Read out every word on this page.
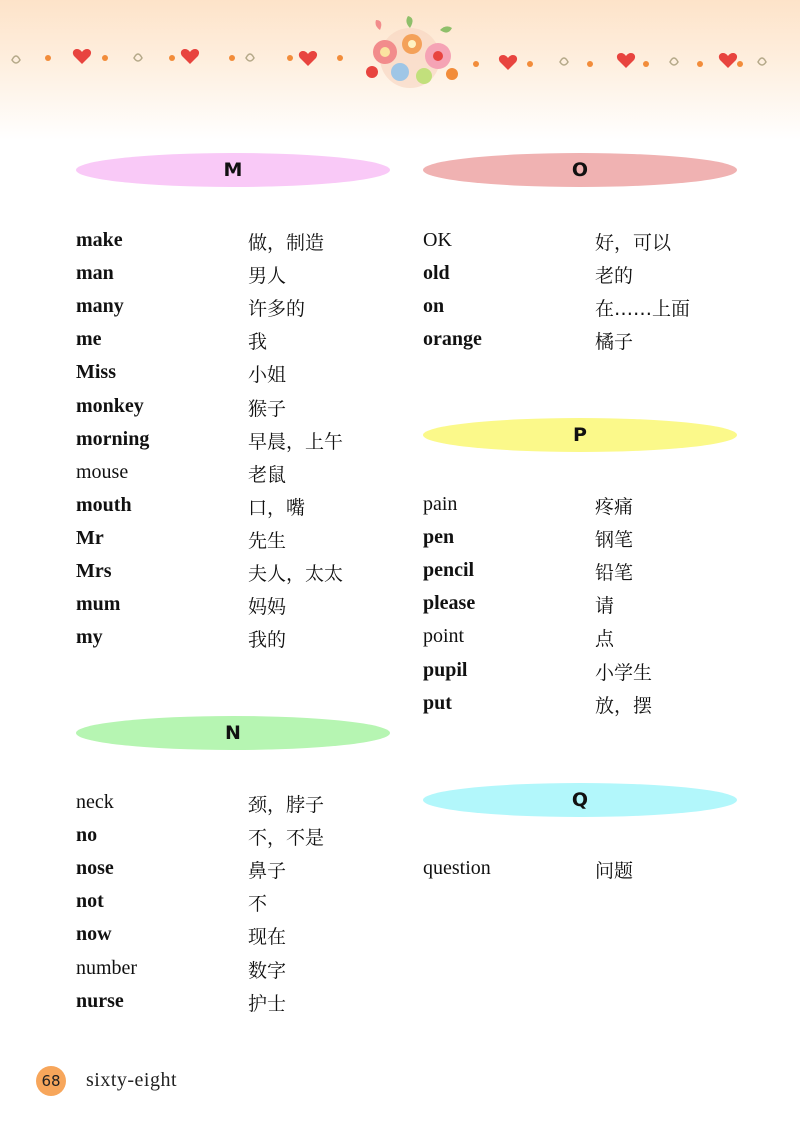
M
make	做，制造
man	男人
many	许多的
me	我
Miss	小姐
monkey	猴子
morning	早晨，上午
mouse	老鼠
mouth	口，嘴
Mr	先生
Mrs	夫人，太太
mum	妈妈
my	我的
N
neck	颈，脖子
no	不，不是
nose	鼻子
not	不
now	现在
number	数字
nurse	护士
O
OK	好，可以
old	老的
on	在……上面
orange	橘子
P
pain	疼痛
pen	钢笔
pencil	铅笔
please	请
point	点
pupil	小学生
put	放，摆
Q
question	问题
68 sixty-eight
